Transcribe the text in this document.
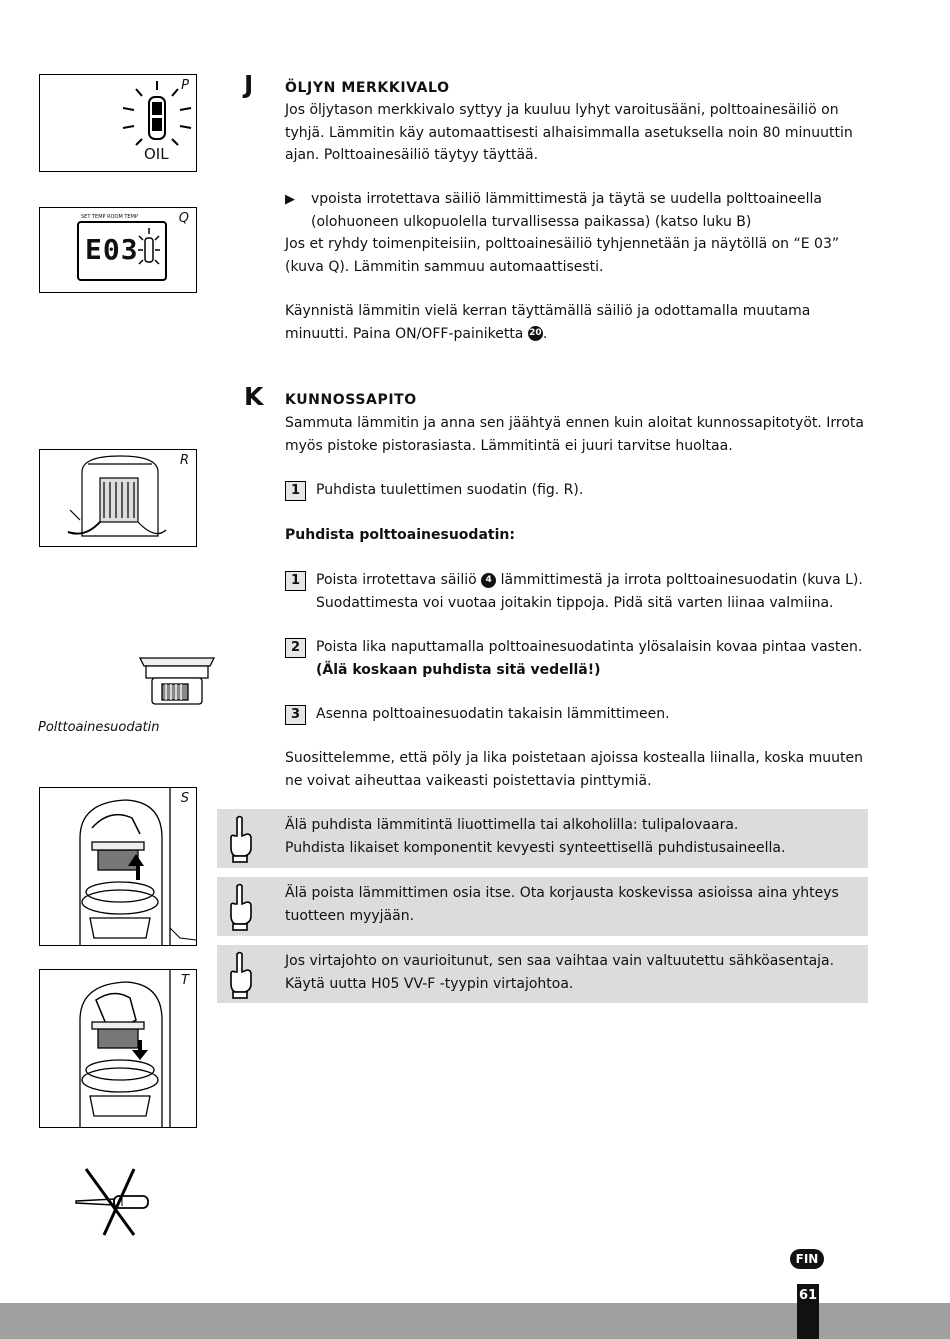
P
OIL
Q
SET TEMP ROOM TEMP
E03
R
Polttoainesuodatin
S
T
J ÖLJYN MERKKIVALO
Jos öljytason merkkivalo syttyy ja kuuluu lyhyt varoitusääni, polttoainesäiliö on tyhjä. Lämmitin käy automaattisesti alhaisimmalla asetuksella noin 80 minuuttin ajan. Polttoainesäiliö täytyy täyttää.
▶ vpoista irrotettava säiliö lämmittimestä ja täytä se uudella polttoaineella
(olohuoneen ulkopuolella turvallisessa paikassa) (katso luku B)
Jos et ryhdy toimenpiteisiin, polttoainesäiliö tyhjennetään ja näytöllä on “E 03” (kuva Q). Lämmitin sammuu automaattisesti.
Käynnistä lämmitin vielä kerran täyttämällä säiliö ja odottamalla muutama minuutti. Paina ON/OFF-painiketta 20.
K KUNNOSSAPITO
Sammuta lämmitin ja anna sen jäähtyä ennen kuin aloitat kunnossapitotyöt. Irrota myös pistoke pistorasiasta. Lämmitintä ei juuri tarvitse huoltaa.
1	Puhdista tuulettimen suodatin (fig. R).
Puhdista polttoainesuodatin:
1	Poista irrotettava säiliö 4 lämmittimestä ja irrota polttoainesuodatin (kuva L). Suodattimesta voi vuotaa joitakin tippoja. Pidä sitä varten liinaa valmiina.
2	Poista lika naputtamalla polttoainesuodatinta ylösalaisin kovaa pintaa vasten.
(Älä koskaan puhdista sitä vedellä!)
3	Asenna polttoainesuodatin takaisin lämmittimeen.
Suosittelemme, että pöly ja lika poistetaan ajoissa kostealla liinalla, koska muuten ne voivat aiheuttaa vaikeasti poistettavia pinttymiä.
Älä puhdista lämmitintä liuottimella tai alkoholilla: tulipalovaara.
Puhdista likaiset komponentit kevyesti synteettisellä puhdistusaineella.
Älä poista lämmittimen osia itse. Ota korjausta koskevissa asioissa aina yhteys tuotteen myyjään.
Jos virtajohto on vaurioitunut, sen saa vaihtaa vain valtuutettu sähköasentaja.
Käytä uutta H05 VV-F -tyypin virtajohtoa.
FIN
61
